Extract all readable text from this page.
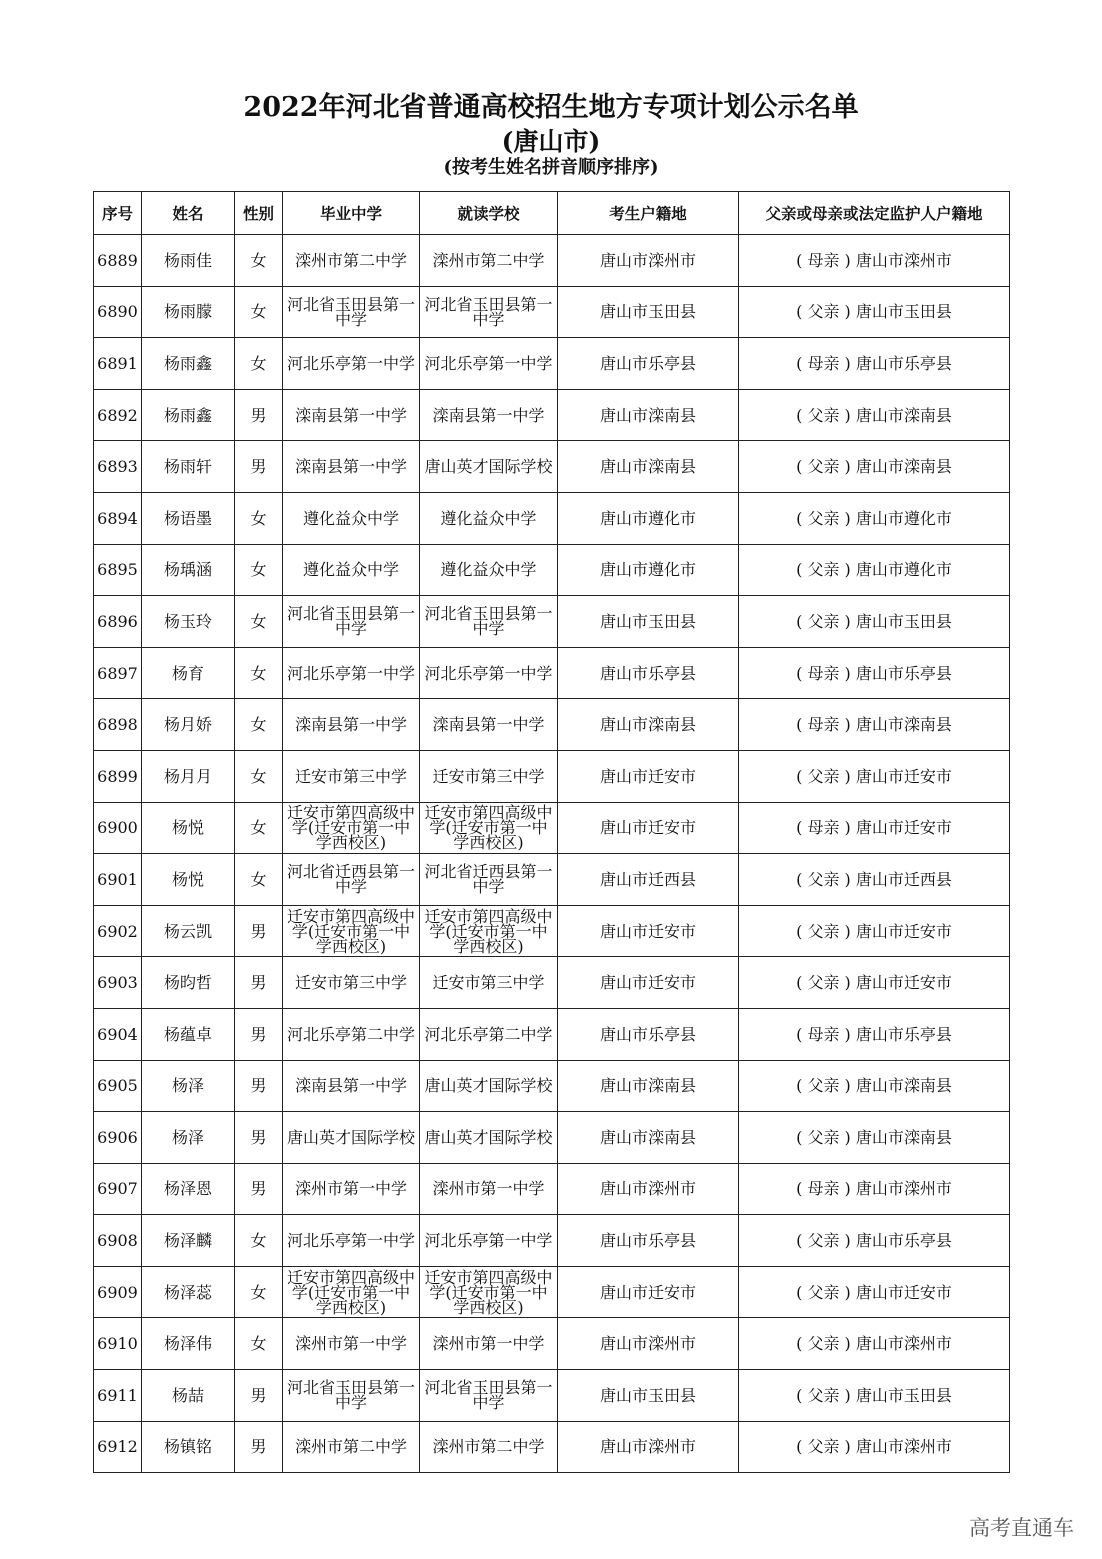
2022年河北省普通高校招生地方专项计划公示名单
(唐山市)
(按考生姓名拼音顺序排序)
序号	姓名	性别	毕业中学	就读学校	考生户籍地	父亲或母亲或法定监护人户籍地
6889	杨雨佳	女	滦州市第二中学	滦州市第二中学	唐山市滦州市	( 母亲 ) 唐山市滦州市
6890	杨雨朦	女	河北省玉田县第一中学	河北省玉田县第一中学	唐山市玉田县	( 父亲 ) 唐山市玉田县
6891	杨雨鑫	女	河北乐亭第一中学	河北乐亭第一中学	唐山市乐亭县	( 母亲 ) 唐山市乐亭县
6892	杨雨鑫	男	滦南县第一中学	滦南县第一中学	唐山市滦南县	( 父亲 ) 唐山市滦南县
6893	杨雨轩	男	滦南县第一中学	唐山英才国际学校	唐山市滦南县	( 父亲 ) 唐山市滦南县
6894	杨语墨	女	遵化益众中学	遵化益众中学	唐山市遵化市	( 父亲 ) 唐山市遵化市
6895	杨瑀涵	女	遵化益众中学	遵化益众中学	唐山市遵化市	( 父亲 ) 唐山市遵化市
6896	杨玉玲	女	河北省玉田县第一中学	河北省玉田县第一中学	唐山市玉田县	( 父亲 ) 唐山市玉田县
6897	杨育	女	河北乐亭第一中学	河北乐亭第一中学	唐山市乐亭县	( 母亲 ) 唐山市乐亭县
6898	杨月娇	女	滦南县第一中学	滦南县第一中学	唐山市滦南县	( 母亲 ) 唐山市滦南县
6899	杨月月	女	迁安市第三中学	迁安市第三中学	唐山市迁安市	( 父亲 ) 唐山市迁安市
6900	杨悦	女	迁安市第四高级中学(迁安市第一中学西校区)	迁安市第四高级中学(迁安市第一中学西校区)	唐山市迁安市	( 母亲 ) 唐山市迁安市
6901	杨悦	女	河北省迁西县第一中学	河北省迁西县第一中学	唐山市迁西县	( 父亲 ) 唐山市迁西县
6902	杨云凯	男	迁安市第四高级中学(迁安市第一中学西校区)	迁安市第四高级中学(迁安市第一中学西校区)	唐山市迁安市	( 父亲 ) 唐山市迁安市
6903	杨昀哲	男	迁安市第三中学	迁安市第三中学	唐山市迁安市	( 父亲 ) 唐山市迁安市
6904	杨蕴卓	男	河北乐亭第二中学	河北乐亭第二中学	唐山市乐亭县	( 母亲 ) 唐山市乐亭县
6905	杨泽	男	滦南县第一中学	唐山英才国际学校	唐山市滦南县	( 父亲 ) 唐山市滦南县
6906	杨泽	男	唐山英才国际学校	唐山英才国际学校	唐山市滦南县	( 父亲 ) 唐山市滦南县
6907	杨泽恩	男	滦州市第一中学	滦州市第一中学	唐山市滦州市	( 母亲 ) 唐山市滦州市
6908	杨泽麟	女	河北乐亭第一中学	河北乐亭第一中学	唐山市乐亭县	( 父亲 ) 唐山市乐亭县
6909	杨泽蕊	女	迁安市第四高级中学(迁安市第一中学西校区)	迁安市第四高级中学(迁安市第一中学西校区)	唐山市迁安市	( 父亲 ) 唐山市迁安市
6910	杨泽伟	女	滦州市第一中学	滦州市第一中学	唐山市滦州市	( 父亲 ) 唐山市滦州市
6911	杨喆	男	河北省玉田县第一中学	河北省玉田县第一中学	唐山市玉田县	( 父亲 ) 唐山市玉田县
6912	杨镇铭	男	滦州市第二中学	滦州市第二中学	唐山市滦州市	( 父亲 ) 唐山市滦州市
高考直通车
